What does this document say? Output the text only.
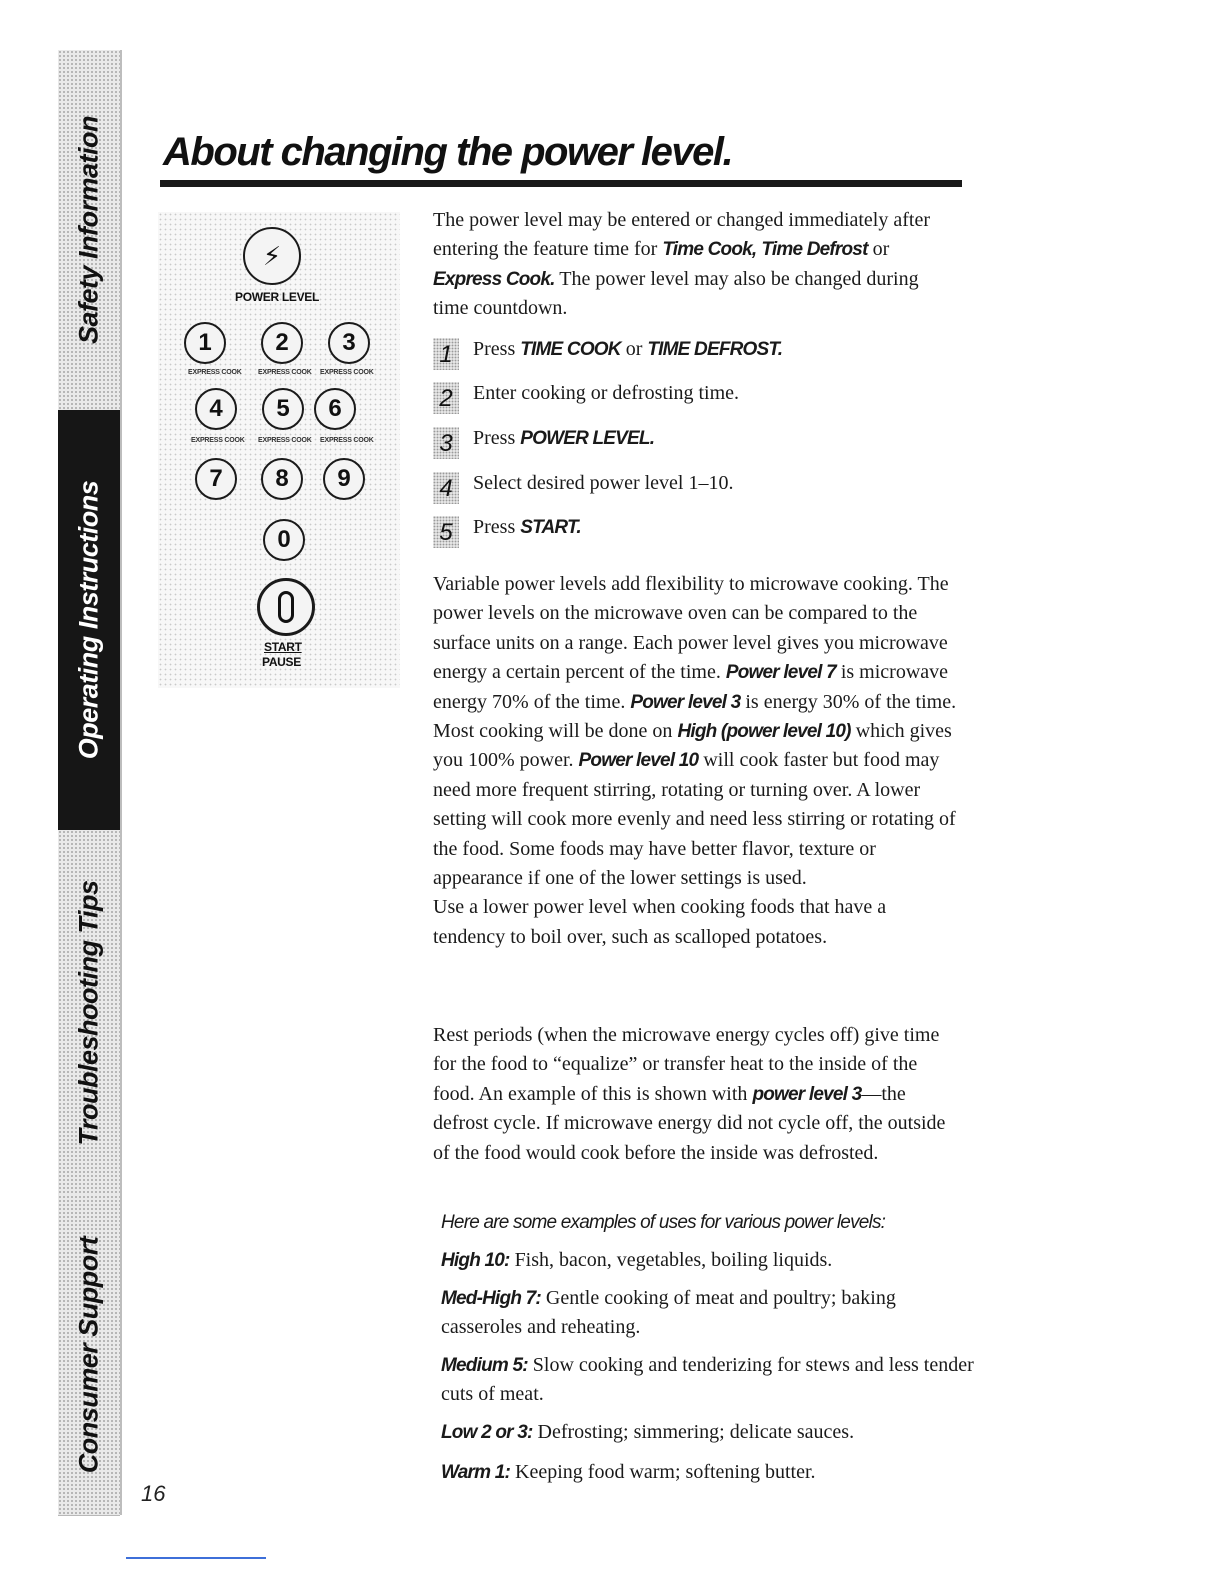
Safety Information
Operating Instructions
Troubleshooting Tips
Consumer Support
16
About changing the power level.
⚡
POWER LEVEL
1	2	3
EXPRESS COOK EXPRESS COOK EXPRESS COOK
4	5	6
EXPRESS COOK EXPRESS COOK EXPRESS COOK
7	8	9
0
START
PAUSE

The power level may be entered or changed immediately after entering the feature time for Time Cook, Time Defrost or Express Cook. The power level may also be changed during time countdown.

1	Press TIME COOK or TIME DEFROST.
2	Enter cooking or defrosting time.
3	Press POWER LEVEL.
4	Select desired power level 1–10.
5	Press START.

Variable power levels add flexibility to microwave cooking. The power levels on the microwave oven can be compared to the surface units on a range. Each power level gives you microwave energy a certain percent of the time. Power level 7 is microwave energy 70% of the time. Power level 3 is energy 30% of the time. Most cooking will be done on High (power level 10) which gives you 100% power. Power level 10 will cook faster but food may need more frequent stirring, rotating or turning over. A lower setting will cook more evenly and need less stirring or rotating of the food. Some foods may have better flavor, texture or appearance if one of the lower settings is used.

Use a lower power level when cooking foods that have a tendency to boil over, such as scalloped potatoes.

Rest periods (when the microwave energy cycles off) give time for the food to “equalize” or transfer heat to the inside of the food. An example of this is shown with power level 3—the defrost cycle. If microwave energy did not cycle off, the outside of the food would cook before the inside was defrosted.

Here are some examples of uses for various power levels:

High 10: Fish, bacon, vegetables, boiling liquids.

Med-High 7: Gentle cooking of meat and poultry; baking casseroles and reheating.

Medium 5: Slow cooking and tenderizing for stews and less tender cuts of meat.

Low 2 or 3: Defrosting; simmering; delicate sauces.

Warm 1: Keeping food warm; softening butter.
